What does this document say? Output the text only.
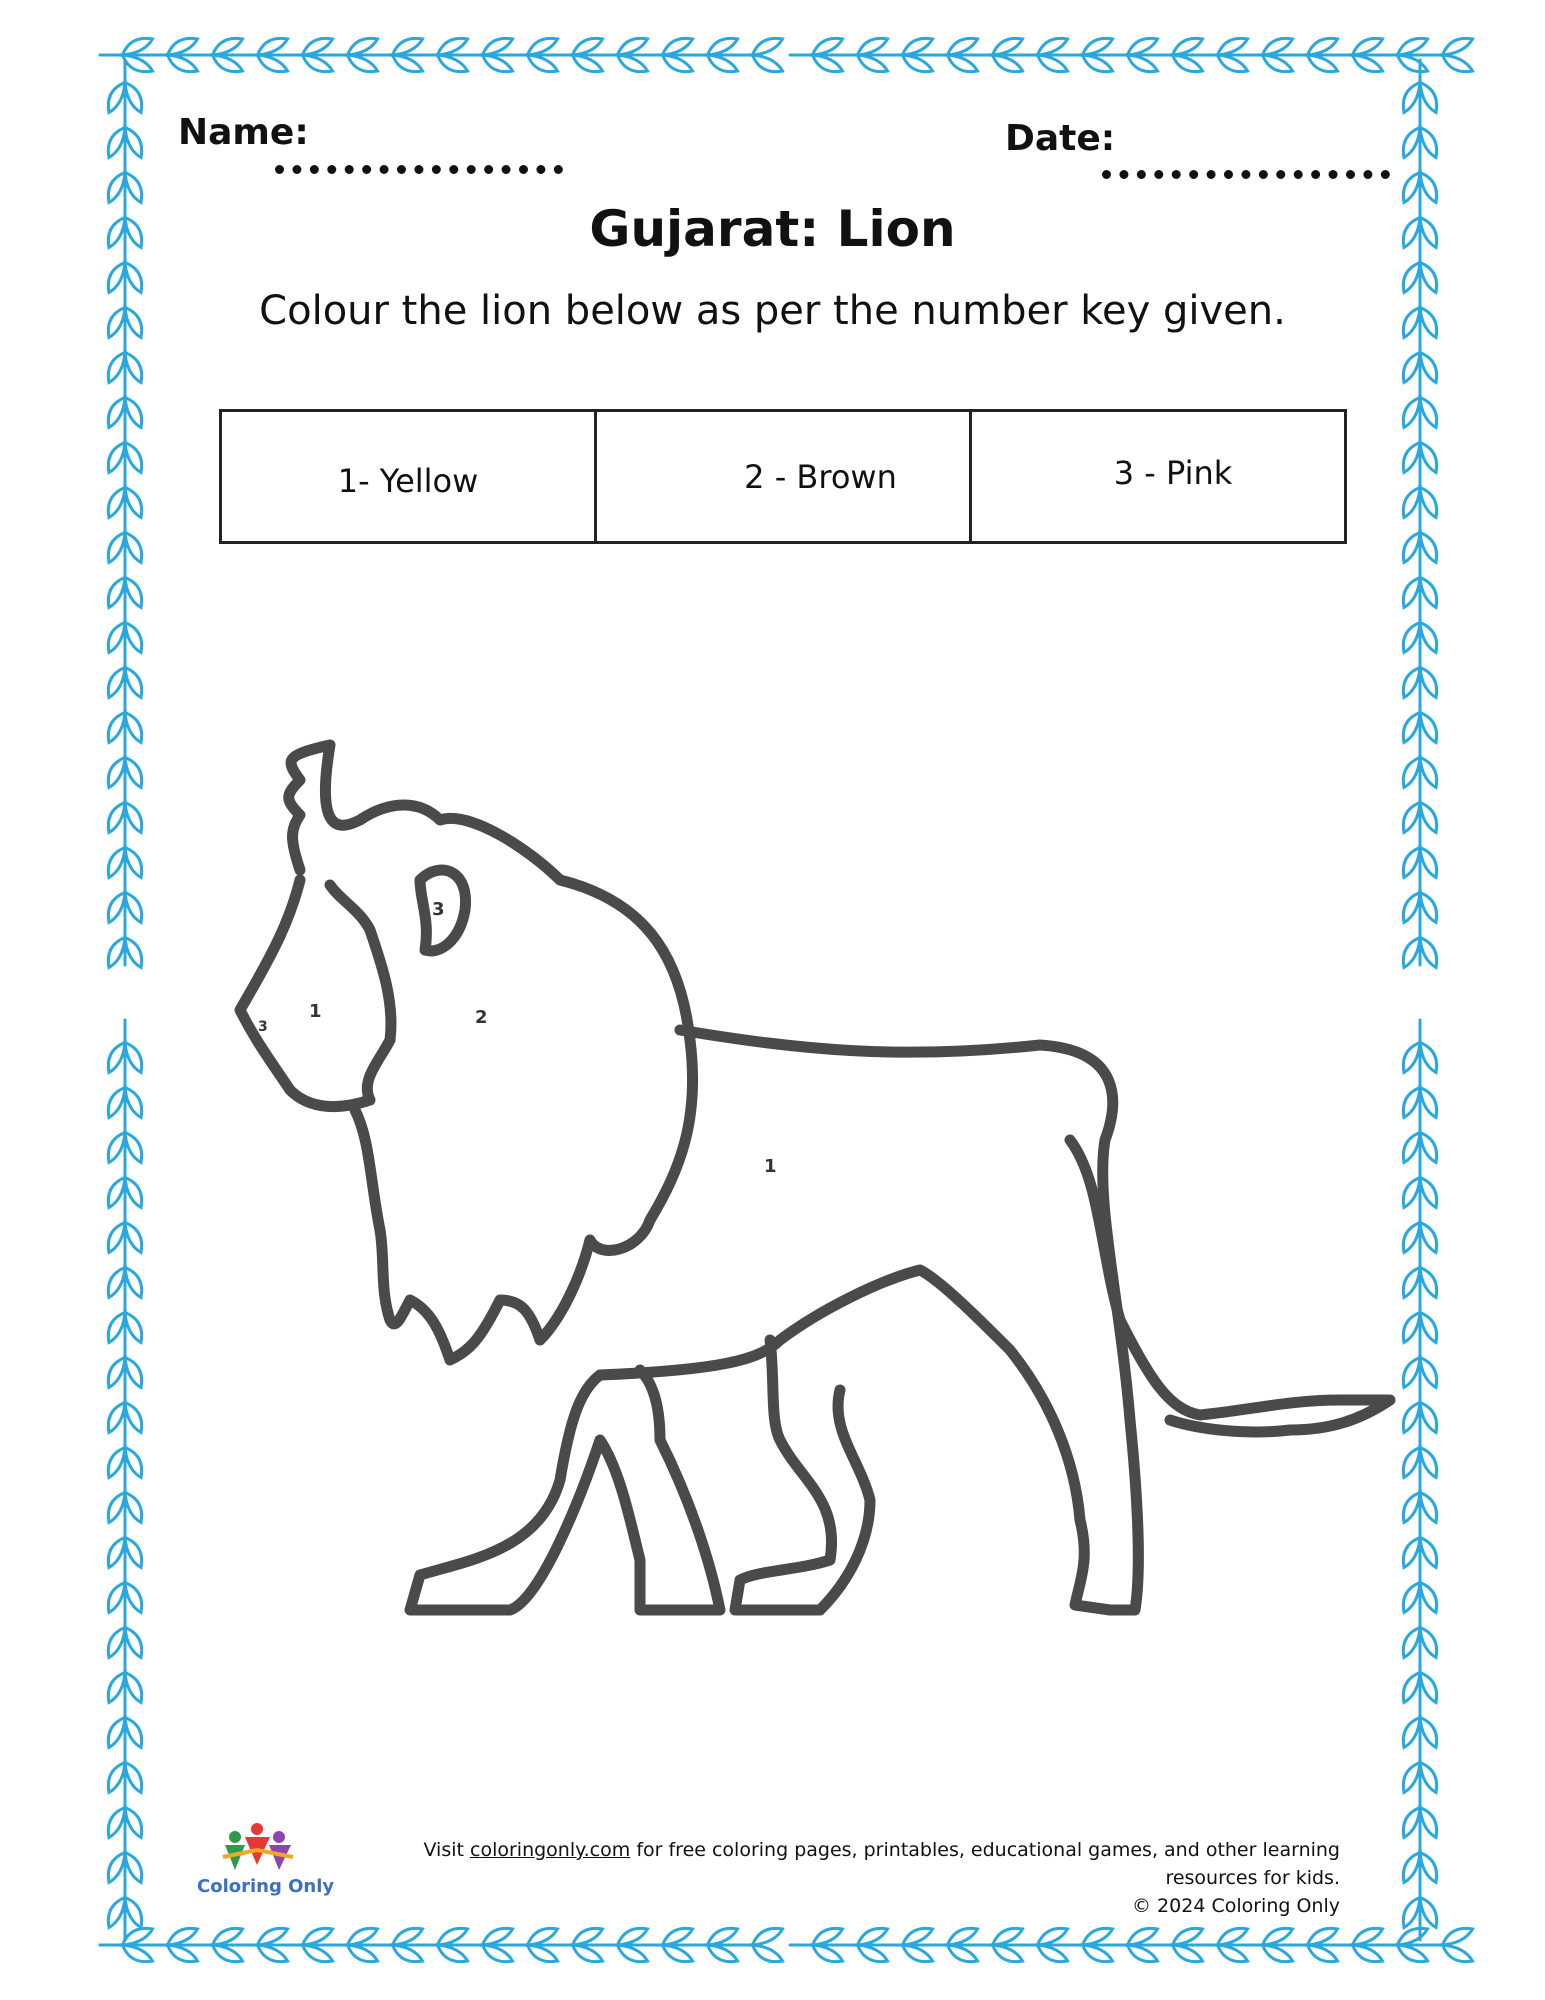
Name:	Date:
Gujarat: Lion
Colour the lion below as per the number key given.
1- Yellow	2 - Brown	3 - Pink
3
3
1	2
1
Coloring Only
Visit coloringonly.com for free coloring pages, printables, educational games, and other learning resources for kids.
© 2024 Coloring Only
